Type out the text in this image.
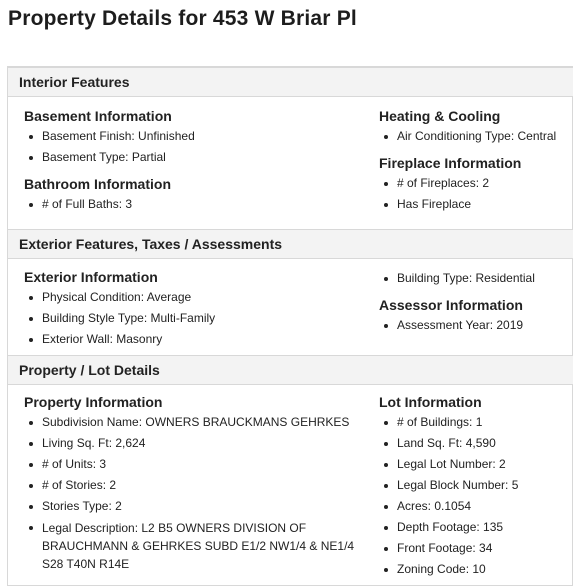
Property Details for 453 W Briar Pl
Interior Features
Basement Information
Basement Finish: Unfinished
Basement Type: Partial
Bathroom Information
# of Full Baths: 3
Heating & Cooling
Air Conditioning Type: Central
Fireplace Information
# of Fireplaces: 2
Has Fireplace
Exterior Features, Taxes / Assessments
Exterior Information
Physical Condition: Average
Building Style Type: Multi-Family
Exterior Wall: Masonry
Building Type: Residential
Assessor Information
Assessment Year: 2019
Property / Lot Details
Property Information
Subdivision Name: OWNERS BRAUCKMANS GEHRKES
Living Sq. Ft: 2,624
# of Units: 3
# of Stories: 2
Stories Type: 2
Legal Description: L2 B5 OWNERS DIVISION OF BRAUCHMANN & GEHRKES SUBD E1/2 NW1/4 & NE1/4 S28 T40N R14E
Lot Information
# of Buildings: 1
Land Sq. Ft: 4,590
Legal Lot Number: 2
Legal Block Number: 5
Acres: 0.1054
Depth Footage: 135
Front Footage: 34
Zoning Code: 10
